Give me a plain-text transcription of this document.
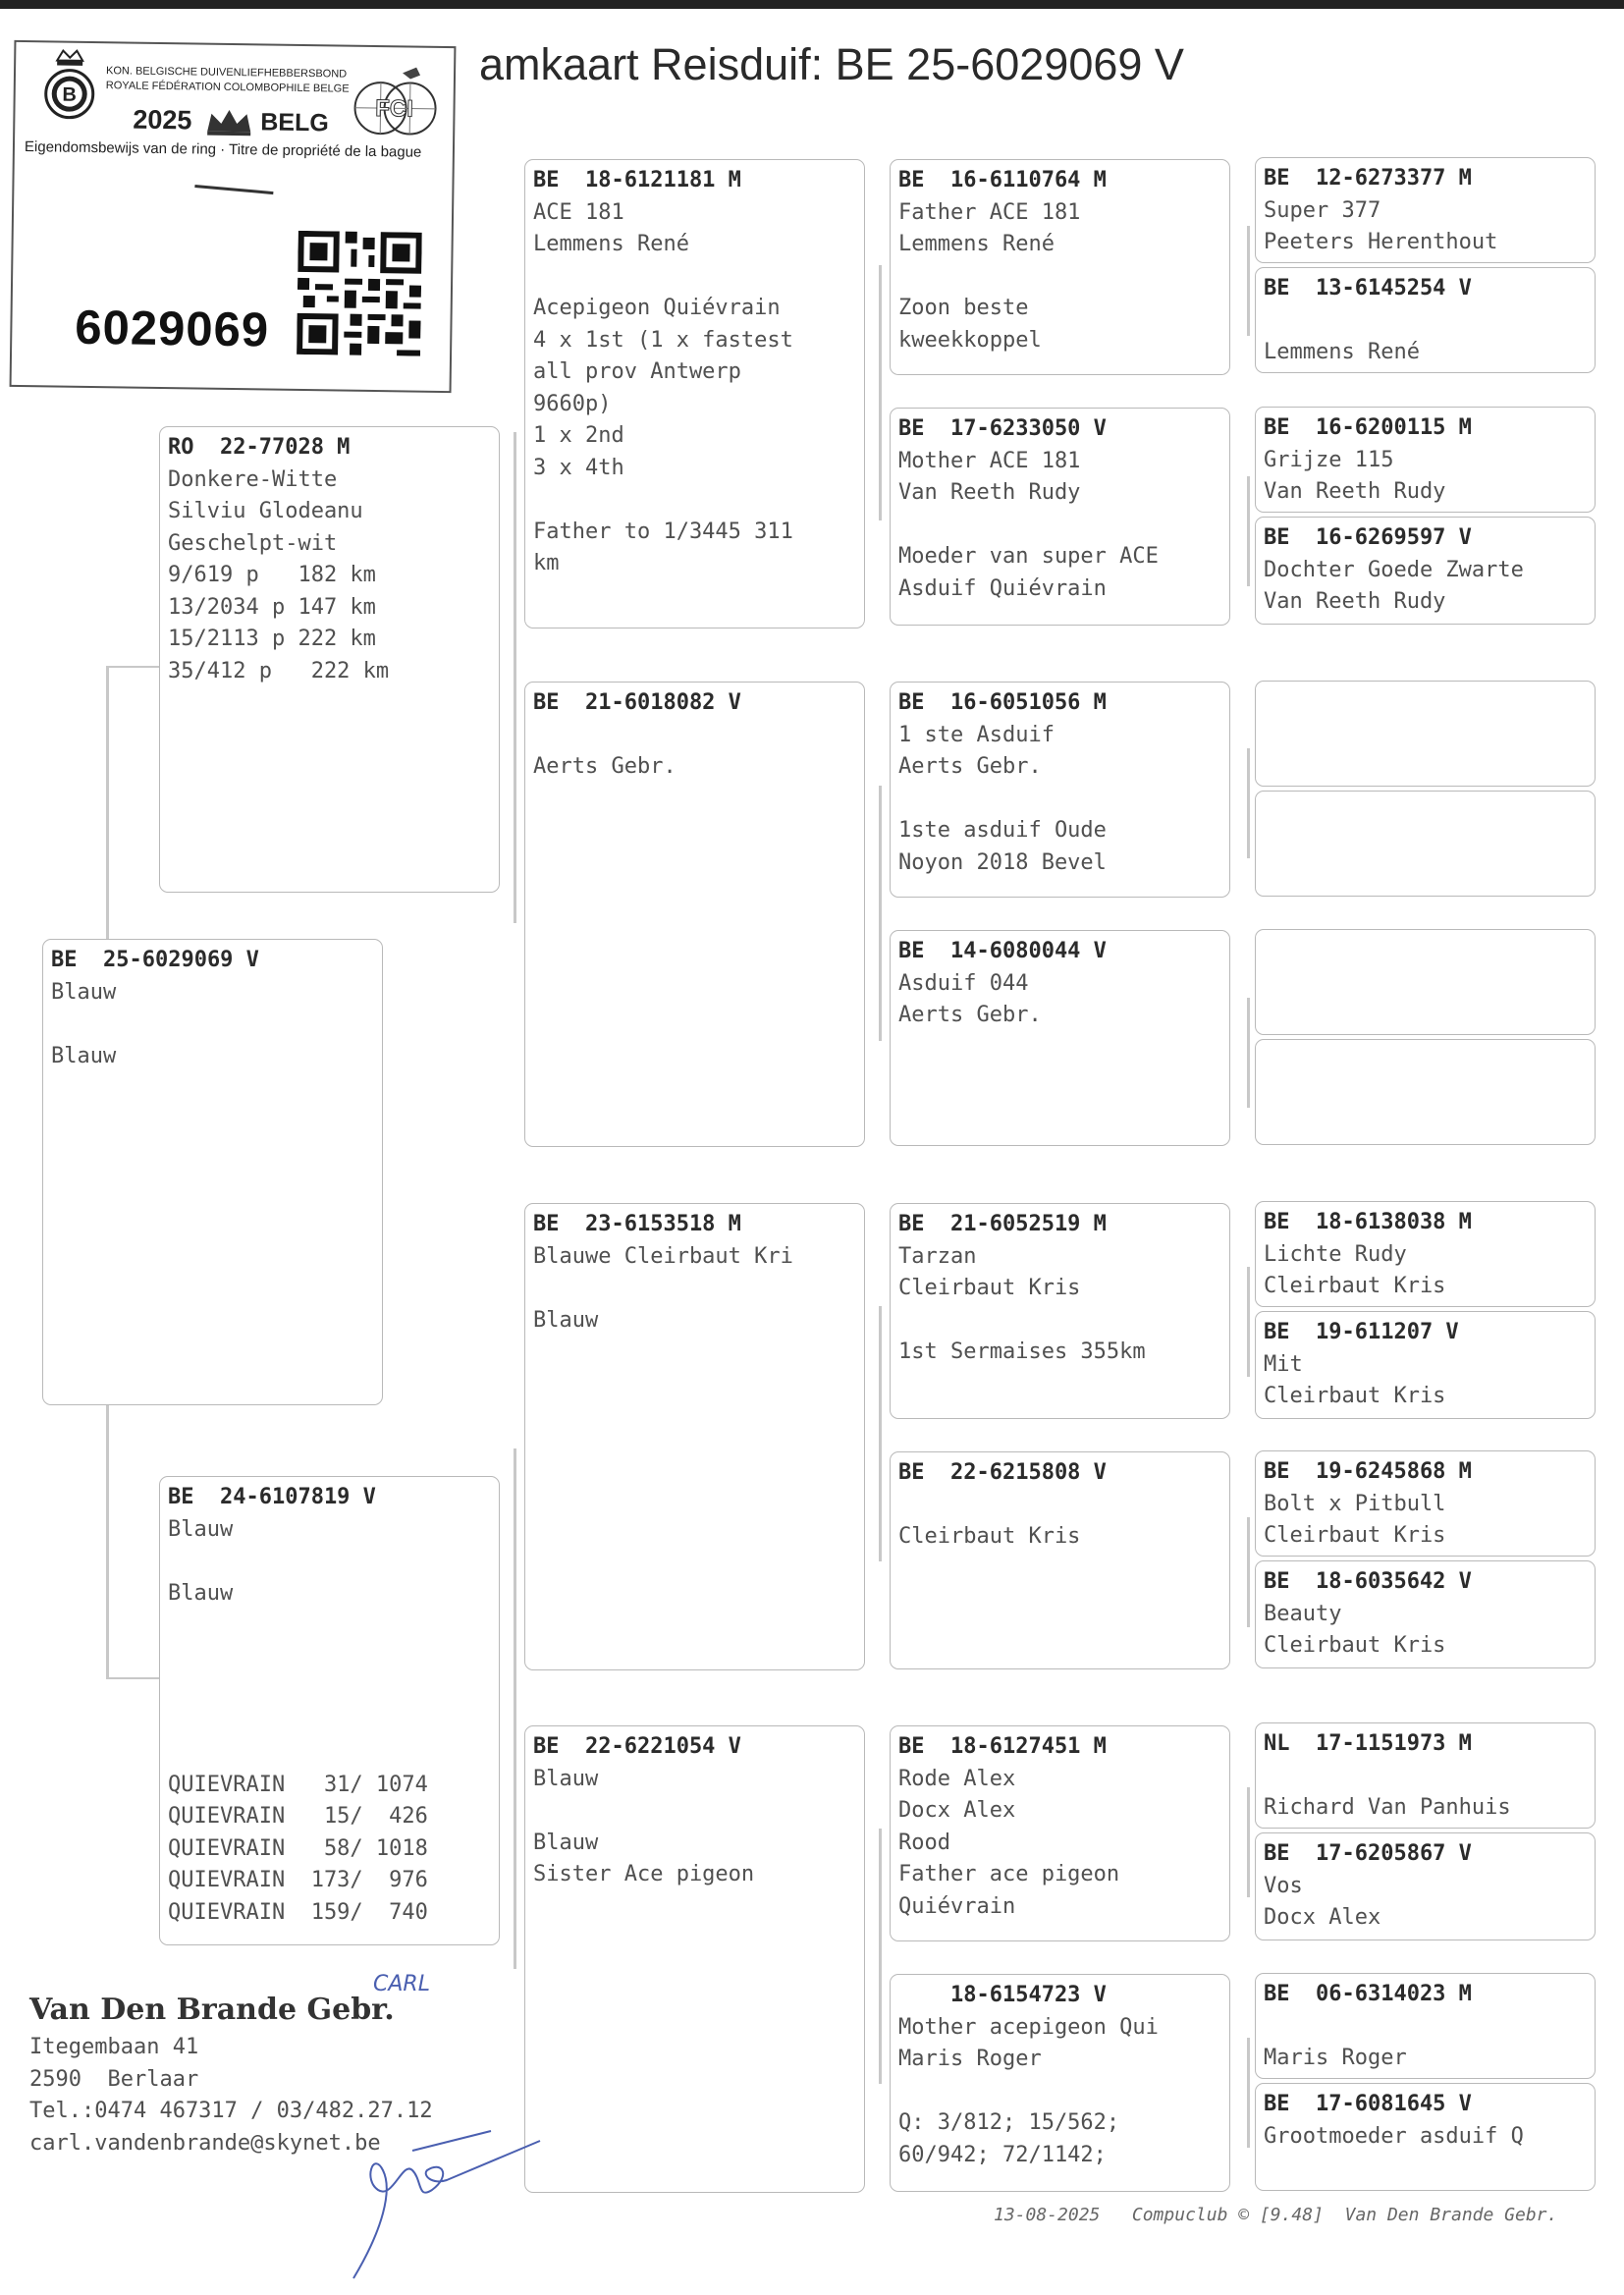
amkaart Reisduif: BE 25-6029069 V
B
KON. BELGISCHE DUIVENLIEFHEBBERSBOND
ROYALE FÉDÉRATION COLOMBOPHILE BELGE
2025	BELG FCI
Eigendomsbewijs van de ring · Titre de propriété de la bague
6029069
BE  25-6029069 V
Blauw
Blauw
RO  22-77028 M
Donkere-Witte
Silviu Glodeanu
Geschelpt-wit
9/619 p   182 km
13/2034 p 147 km
15/2113 p 222 km
35/412 p   222 km
BE  24-6107819 V
Blauw
Blauw
QUIEVRAIN   31/ 1074
QUIEVRAIN   15/  426
QUIEVRAIN   58/ 1018
QUIEVRAIN  173/  976
QUIEVRAIN  159/  740
BE  18-6121181 M
ACE 181
Lemmens René
Acepigeon Quiévrain
4 x 1st (1 x fastest
all prov Antwerp
9660p)
1 x 2nd
3 x 4th
Father to 1/3445 311
km
BE  21-6018082 V
Aerts Gebr.
BE  23-6153518 M
Blauwe Cleirbaut Kri
Blauw
BE  22-6221054 V
Blauw
Blauw
Sister Ace pigeon
BE  16-6110764 M
Father ACE 181
Lemmens René
Zoon beste
kweekkoppel
BE  17-6233050 V
Mother ACE 181
Van Reeth Rudy
Moeder van super ACE
Asduif Quiévrain
BE  16-6051056 M
1 ste Asduif
Aerts Gebr.
1ste asduif Oude
Noyon 2018 Bevel
BE  14-6080044 V
Asduif 044
Aerts Gebr.
BE  21-6052519 M
Tarzan
Cleirbaut Kris
1st Sermaises 355km
BE  22-6215808 V
Cleirbaut Kris
BE  18-6127451 M
Rode Alex
Docx Alex
Rood
Father ace pigeon
Quiévrain
18-6154723 V
Mother acepigeon Qui
Maris Roger
Q: 3/812; 15/562;
60/942; 72/1142;
BE  12-6273377 M
Super 377
Peeters Herenthout
BE  13-6145254 V
Lemmens René
BE  16-6200115 M
Grijze 115
Van Reeth Rudy
BE  16-6269597 V
Dochter Goede Zwarte
Van Reeth Rudy
BE  18-6138038 M
Lichte Rudy
Cleirbaut Kris
BE  19-611207 V
Mit
Cleirbaut Kris
BE  19-6245868 M
Bolt x Pitbull
Cleirbaut Kris
BE  18-6035642 V
Beauty
Cleirbaut Kris
NL  17-1151973 M
Richard Van Panhuis
BE  17-6205867 V
Vos
Docx Alex
BE  06-6314023 M
Maris Roger
BE  17-6081645 V
Grootmoeder asduif Q
CARL
Van Den Brande Gebr.
Itegembaan 41
2590  Berlaar
Tel.:0474 467317 / 03/482.27.12
carl.vandenbrande@skynet.be
13-08-2025   Compuclub © [9.48]  Van Den Brande Gebr.
